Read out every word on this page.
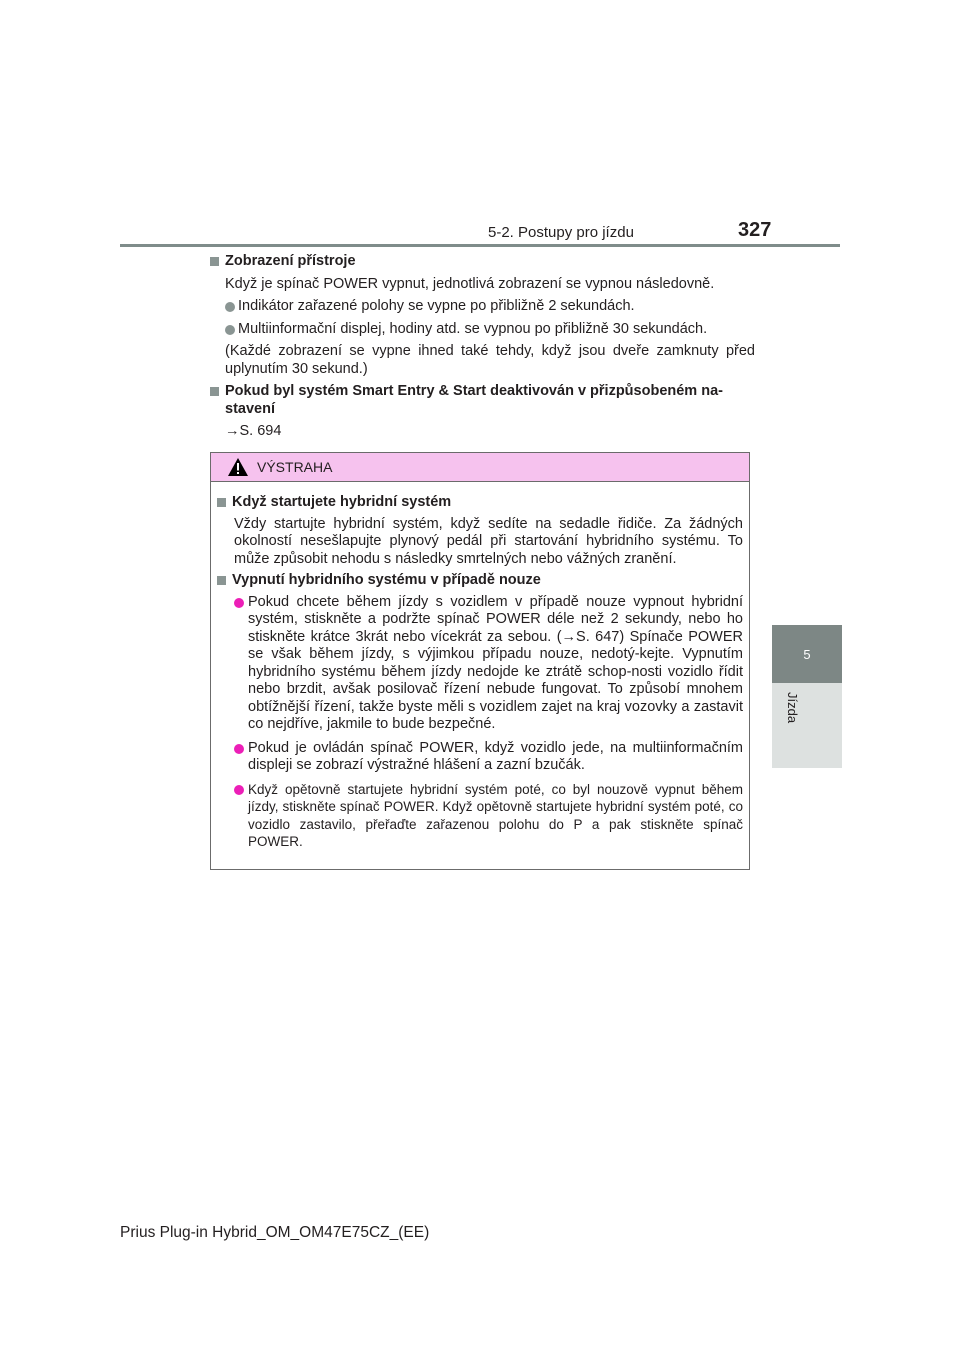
5-2. Postupy pro jízdu	327
5
Jízda
Zobrazení přístroje
Když je spínač POWER vypnut, jednotlivá zobrazení se vypnou následovně.
Indikátor zařazené polohy se vypne po přibližně 2 sekundách.
Multiinformační displej, hodiny atd. se vypnou po přibližně 30 sekundách.
(Každé zobrazení se vypne ihned také tehdy, když jsou dveře zamknuty před uplynutím 30 sekund.)
Pokud byl systém Smart Entry & Start deaktivován v přizpůsobeném na-stavení
→S. 694
VÝSTRAHA
Když startujete hybridní systém
Vždy startujte hybridní systém, když sedíte na sedadle řidiče. Za žádných okolností nesešlapujte plynový pedál při startování hybridního systému. To může způsobit nehodu s následky smrtelných nebo vážných zranění.
Vypnutí hybridního systému v případě nouze
Pokud chcete během jízdy s vozidlem v případě nouze vypnout hybridní systém, stiskněte a podržte spínač POWER déle než 2 sekundy, nebo ho stiskněte krátce 3krát nebo vícekrát za sebou. (→S. 647) Spínače POWER se však během jízdy, s výjimkou případu nouze, nedotý-kejte. Vypnutím hybridního systému během jízdy nedojde ke ztrátě schop-nosti vozidlo řídit nebo brzdit, avšak posilovač řízení nebude fungovat. To způsobí mnohem obtížnější řízení, takže byste měli s vozidlem zajet na kraj vozovky a zastavit co nejdříve, jakmile to bude bezpečné.
Pokud je ovládán spínač POWER, když vozidlo jede, na multiinformačním displeji se zobrazí výstražné hlášení a zazní bzučák.
Když opětovně startujete hybridní systém poté, co byl nouzově vypnut během jízdy, stiskněte spínač POWER. Když opětovně startujete hybridní systém poté, co vozidlo zastavilo, přeřaďte zařazenou polohu do P a pak stiskněte spínač POWER.
Prius Plug-in Hybrid_OM_OM47E75CZ_(EE)
